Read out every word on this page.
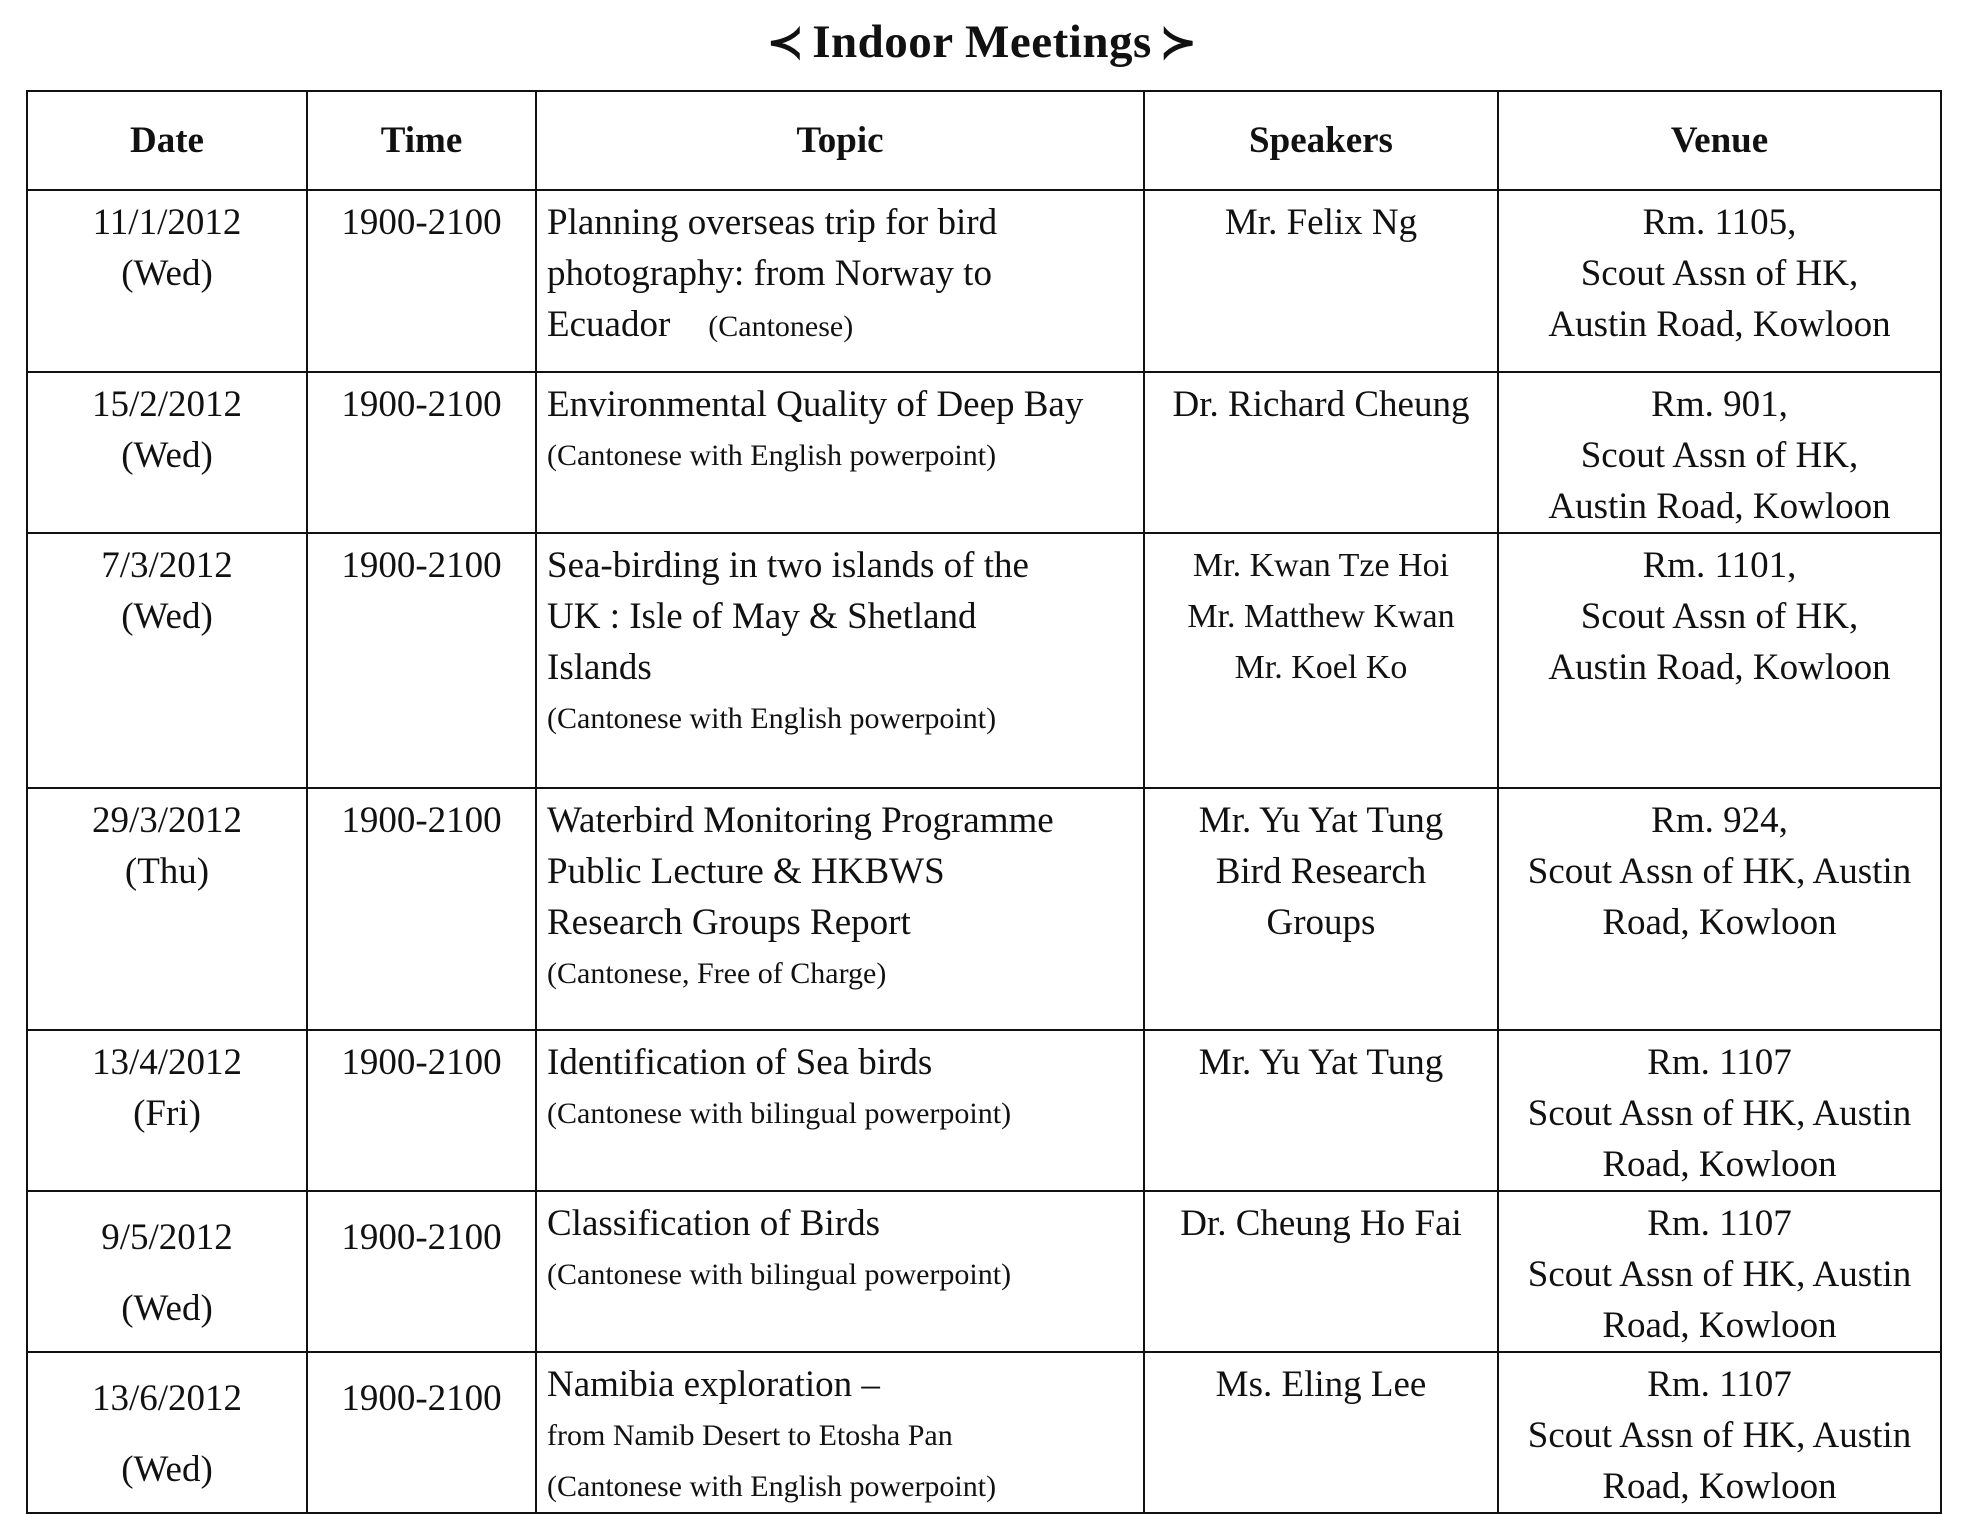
≺ Indoor Meetings ≻
Date	Time	Topic	Speakers	Venue

11/1/2012
(Wed)	1900-2100	Planning overseas trip for bird
photography: from Norway to
Ecuador (Cantonese)	Mr. Felix Ng	Rm. 1105,
Scout Assn of HK,
Austin Road, Kowloon

15/2/2012
(Wed)	1900-2100	Environmental Quality of Deep Bay
(Cantonese with English powerpoint)	Dr. Richard Cheung	Rm. 901,
Scout Assn of HK,
Austin Road, Kowloon

7/3/2012
(Wed)	1900-2100	Sea-birding in two islands of the
UK : Isle of May & Shetland
Islands
(Cantonese with English powerpoint)	Mr. Kwan Tze Hoi
Mr. Matthew Kwan
Mr. Koel Ko	Rm. 1101,
Scout Assn of HK,
Austin Road, Kowloon

29/3/2012
(Thu)	1900-2100	Waterbird Monitoring Programme
Public Lecture & HKBWS
Research Groups Report
(Cantonese, Free of Charge)	Mr. Yu Yat Tung
Bird Research
Groups	Rm. 924,
Scout Assn of HK, Austin
Road, Kowloon

13/4/2012
(Fri)	1900-2100	Identification of Sea birds
(Cantonese with bilingual powerpoint)	Mr. Yu Yat Tung	Rm. 1107
Scout Assn of HK, Austin
Road, Kowloon

9/5/2012
(Wed)	1900-2100	Classification of Birds
(Cantonese with bilingual powerpoint)	Dr. Cheung Ho Fai	Rm. 1107
Scout Assn of HK, Austin
Road, Kowloon

13/6/2012
(Wed)	1900-2100	Namibia exploration –
from Namib Desert to Etosha Pan
(Cantonese with English powerpoint)	Ms. Eling Lee	Rm. 1107
Scout Assn of HK, Austin
Road, Kowloon
